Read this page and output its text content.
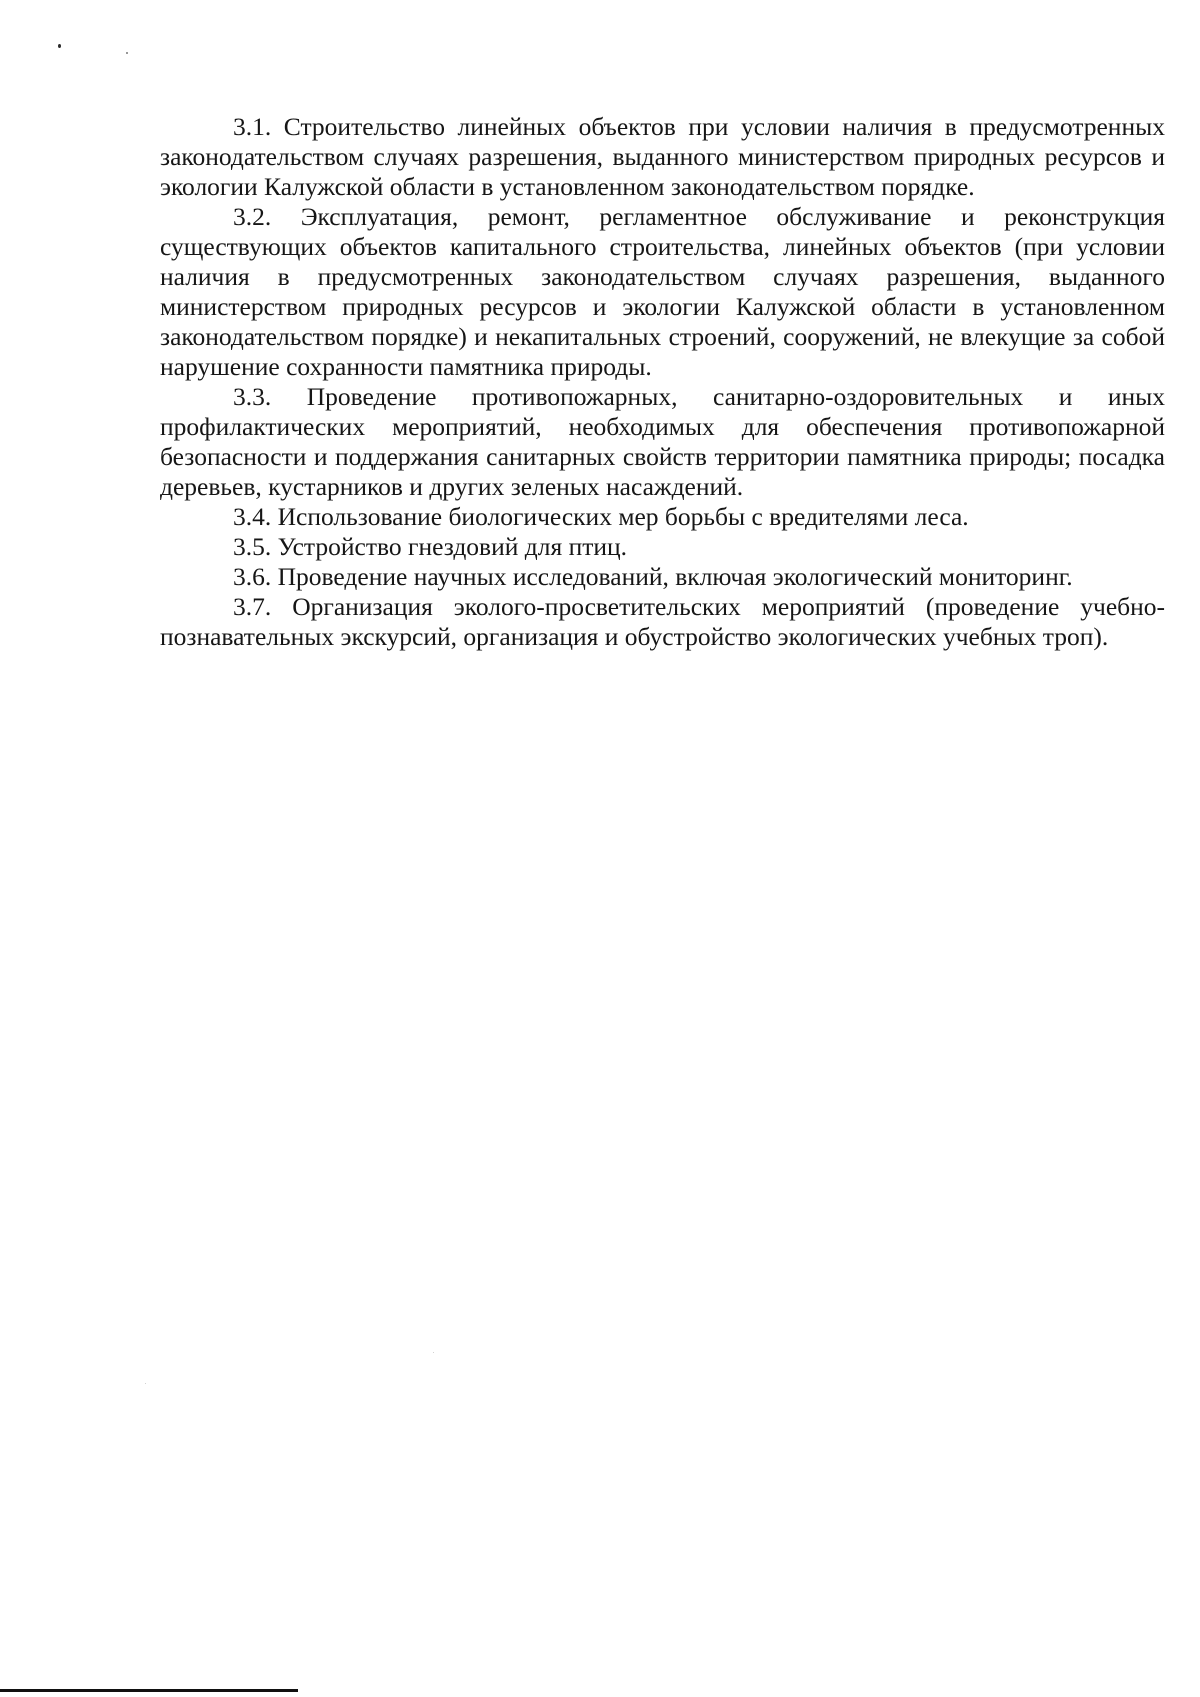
3.1. Строительство линейных объектов при условии наличия в предусмотренных законодательством случаях разрешения, выданного министерством природных ресурсов и экологии Калужской области в установленном законодательством порядке.

3.2. Эксплуатация, ремонт, регламентное обслуживание и реконструкция существующих объектов капитального строительства, линейных объектов (при условии наличия в предусмотренных законодательством случаях разрешения, выданного министерством природных ресурсов и экологии Калужской области в установленном законодательством порядке) и некапитальных строений, сооружений, не влекущие за собой нарушение сохранности памятника природы.

3.3. Проведение противопожарных, санитарно-оздоровительных и иных профилактических мероприятий, необходимых для обеспечения противопожарной безопасности и поддержания санитарных свойств территории памятника природы; посадка деревьев, кустарников и других зеленых насаждений.

3.4. Использование биологических мер борьбы с вредителями леса.

3.5. Устройство гнездовий для птиц.

3.6. Проведение научных исследований, включая экологический мониторинг.

3.7. Организация эколого-просветительских мероприятий (проведение учебно-познавательных экскурсий, организация и обустройство экологических учебных троп).
